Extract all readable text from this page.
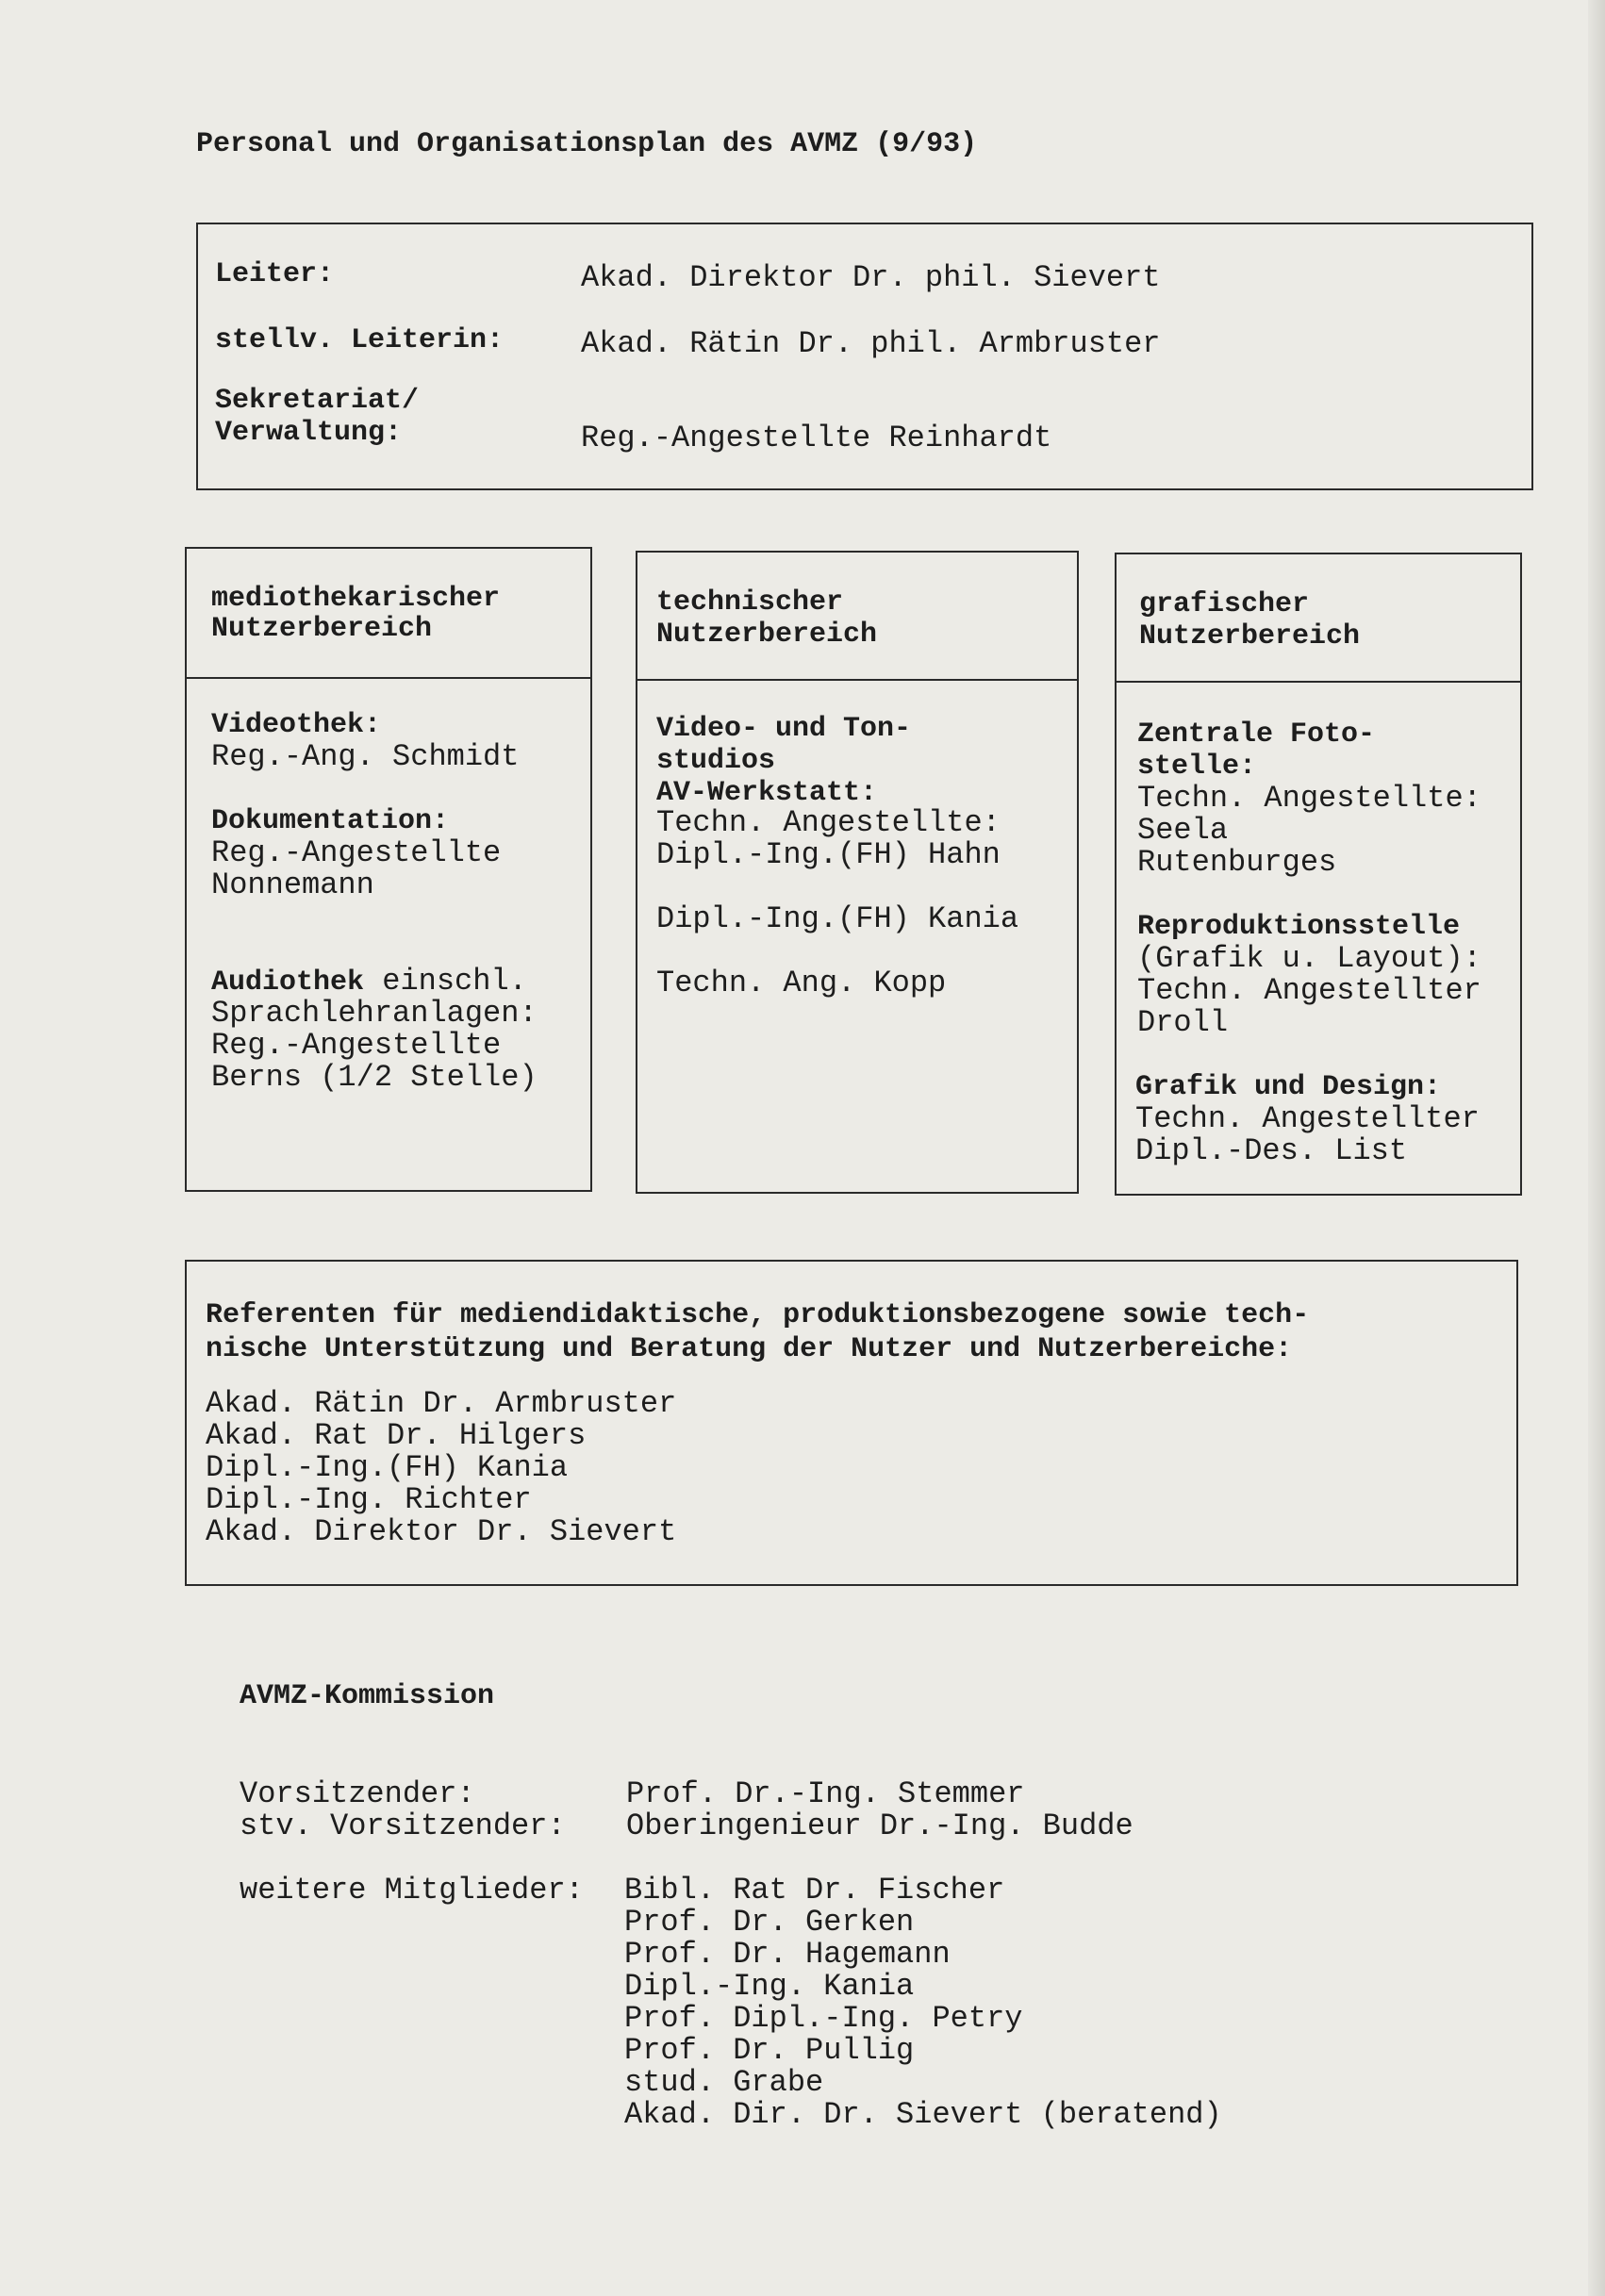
Personal und Organisationsplan des AVMZ (9/93)

Leiter:	Akad. Direktor Dr. phil. Sievert

stellv. Leiterin:	Akad. Rätin Dr. phil. Armbruster

Sekretariat/

Verwaltung:	Reg.-Angestellte Reinhardt

mediothekarischer

Nutzerbereich

Videothek:

Reg.-Ang. Schmidt

Dokumentation:

Reg.-Angestellte

Nonnemann

Audiothek einschl.

Sprachlehranlagen:

Reg.-Angestellte

Berns (1/2 Stelle)

technischer

Nutzerbereich

Video- und Ton-

studios

AV-Werkstatt:

Techn. Angestellte:

Dipl.-Ing.(FH) Hahn

Dipl.-Ing.(FH) Kania

Techn. Ang. Kopp

grafischer

Nutzerbereich

Zentrale Foto-

stelle:

Techn. Angestellte:

Seela

Rutenburges

Reproduktionsstelle

(Grafik u. Layout):

Techn. Angestellter

Droll

Grafik und Design:

Techn. Angestellter

Dipl.-Des. List

Referenten für mediendidaktische, produktionsbezogene sowie tech-

nische Unterstützung und Beratung der Nutzer und Nutzerbereiche:

Akad. Rätin Dr. Armbruster

Akad. Rat Dr. Hilgers

Dipl.-Ing.(FH) Kania

Dipl.-Ing. Richter

Akad. Direktor Dr. Sievert

AVMZ-Kommission

Vorsitzender:	Prof. Dr.-Ing. Stemmer

stv. Vorsitzender: Oberingenieur Dr.-Ing. Budde

weitere Mitglieder: Bibl. Rat Dr. Fischer

Prof. Dr. Gerken

Prof. Dr. Hagemann

Dipl.-Ing. Kania

Prof. Dipl.-Ing. Petry

Prof. Dr. Pullig

stud. Grabe

Akad. Dir. Dr. Sievert (beratend)
